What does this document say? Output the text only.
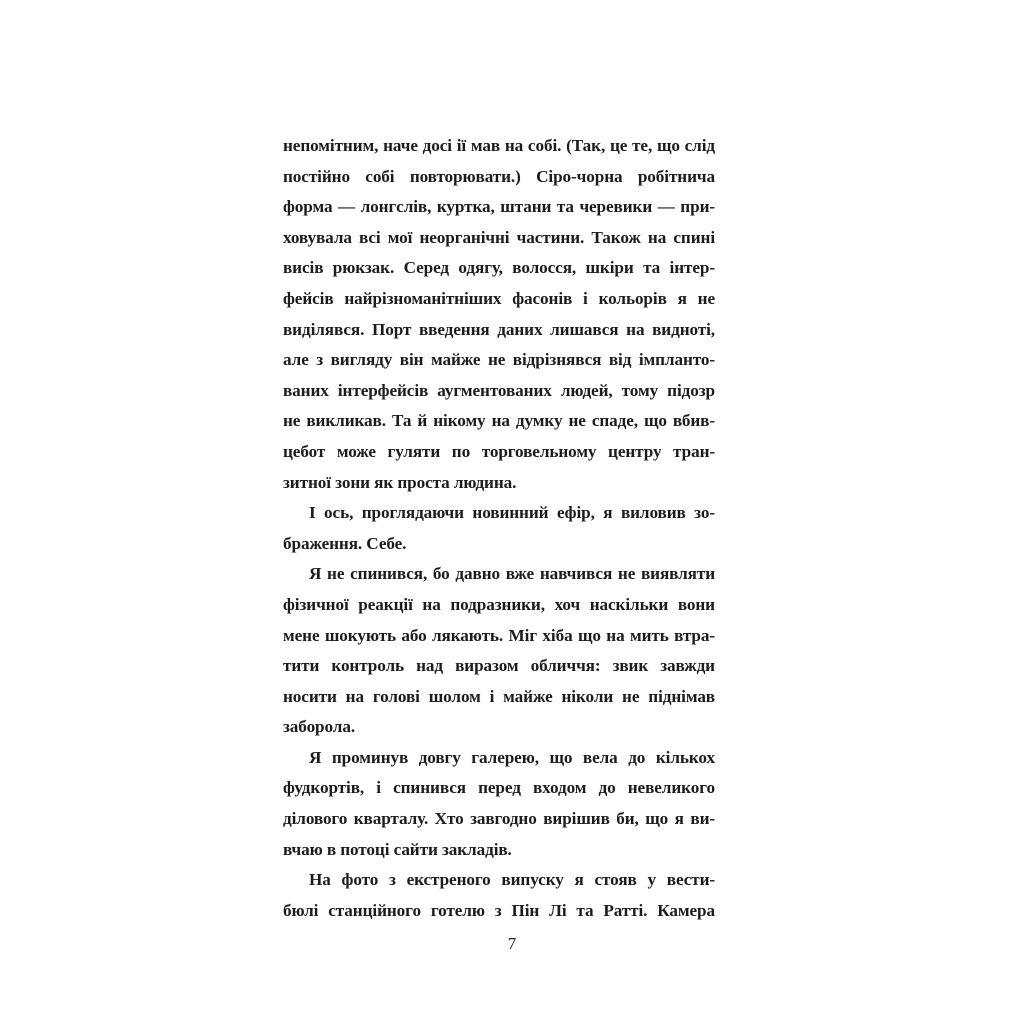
непомітним, наче досі ії мав на собі. (Так, це те, що слід
постійно собі повторювати.) Сіро-чорна робітнича
форма — лонгслів, куртка, штани та черевики — при-
ховувала всі мої неорганічні частини. Також на спині
висів рюкзак. Серед одягу, волосся, шкіри та інтер-
фейсів найрізноманітніших фасонів і кольорів я не
виділявся. Порт введення даних лишався на видноті,
але з вигляду він майже не відрізнявся від імпланто-
ваних інтерфейсів аугментованих людей, тому підозр
не викликав. Та й нікому на думку не спаде, що вбив-
цебот може гуляти по торговельному центру тран-
зитної зони як проста людина.
І ось, проглядаючи новинний ефір, я виловив зо-
браження. Себе.
Я не спинився, бо давно вже навчився не виявляти
фізичної реакції на подразники, хоч наскільки вони
мене шокують або лякають. Міг хіба що на мить втра-
тити контроль над виразом обличчя: звик завжди
носити на голові шолом і майже ніколи не піднімав
заборола.
Я проминув довгу галерею, що вела до кількох
фудкортів, і спинився перед входом до невеликого
ділового кварталу. Хто завгодно вирішив би, що я ви-
вчаю в потоці сайти закладів.
На фото з екстреного випуску я стояв у вести-
бюлі станційного готелю з Пін Лі та Ратті. Камера
7
